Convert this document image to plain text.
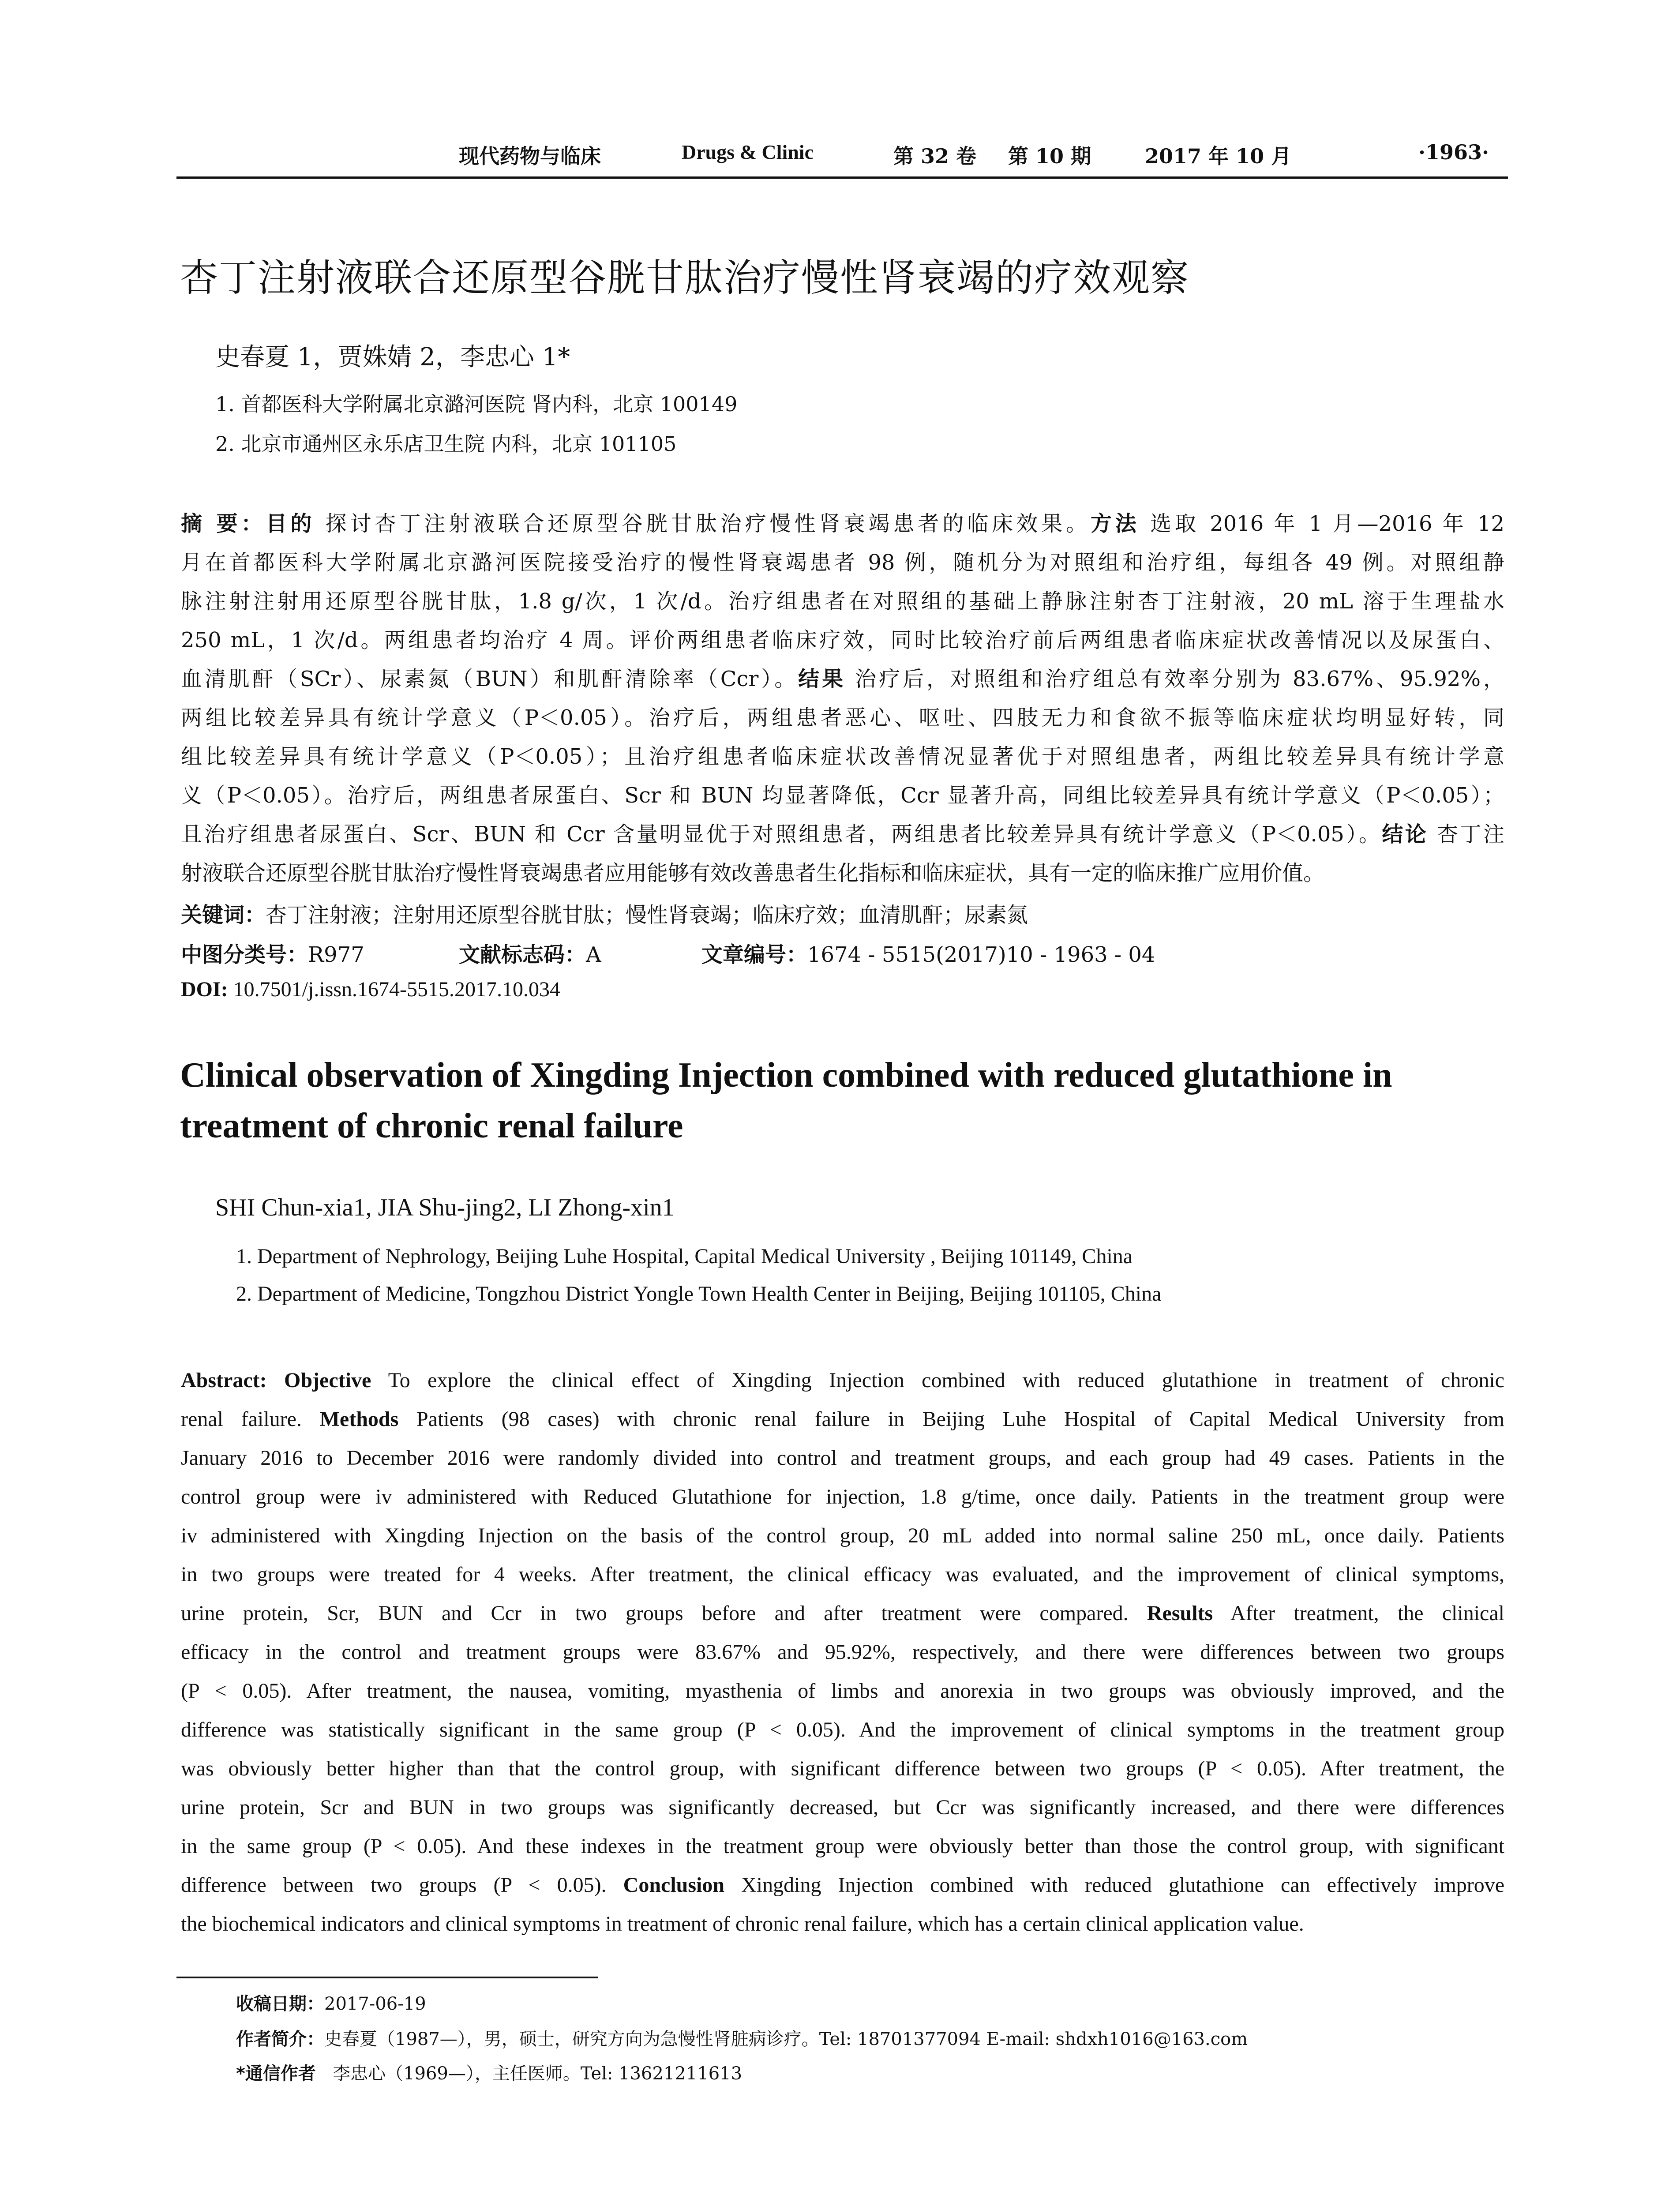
现代药物与临床	Drugs & Clinic	第 32 卷 第 10 期	2017 年 10 月	·1963·
杏丁注射液联合还原型谷胱甘肽治疗慢性肾衰竭的疗效观察
史春夏 1，贾姝婧 2，李忠心 1*
1. 首都医科大学附属北京潞河医院 肾内科，北京 100149
2. 北京市通州区永乐店卫生院 内科，北京 101105
摘 要：目的 探讨杏丁注射液联合还原型谷胱甘肽治疗慢性肾衰竭患者的临床效果。方法 选取 2016 年 1 月—2016 年 12
月在首都医科大学附属北京潞河医院接受治疗的慢性肾衰竭患者 98 例，随机分为对照组和治疗组，每组各 49 例。对照组静
脉注射注射用还原型谷胱甘肽，1.8 g/次，1 次/d。治疗组患者在对照组的基础上静脉注射杏丁注射液，20 mL 溶于生理盐水
250 mL，1 次/d。两组患者均治疗 4 周。评价两组患者临床疗效，同时比较治疗前后两组患者临床症状改善情况以及尿蛋白、
血清肌酐（SCr）、尿素氮（BUN）和肌酐清除率（Ccr）。结果 治疗后，对照组和治疗组总有效率分别为 83.67%、95.92%，
两组比较差异具有统计学意义（P＜0.05）。治疗后，两组患者恶心、呕吐、四肢无力和食欲不振等临床症状均明显好转，同
组比较差异具有统计学意义（P＜0.05）；且治疗组患者临床症状改善情况显著优于对照组患者，两组比较差异具有统计学意
义（P＜0.05）。治疗后，两组患者尿蛋白、Scr 和 BUN 均显著降低，Ccr 显著升高，同组比较差异具有统计学意义（P＜0.05）；
且治疗组患者尿蛋白、Scr、BUN 和 Ccr 含量明显优于对照组患者，两组患者比较差异具有统计学意义（P＜0.05）。结论 杏丁注
射液联合还原型谷胱甘肽治疗慢性肾衰竭患者应用能够有效改善患者生化指标和临床症状，具有一定的临床推广应用价值。
关键词：杏丁注射液；注射用还原型谷胱甘肽；慢性肾衰竭；临床疗效；血清肌酐；尿素氮
中图分类号：R977	文献标志码：A	文章编号：1674 - 5515(2017)10 - 1963 - 04
DOI: 10.7501/j.issn.1674-5515.2017.10.034
Clinical observation of Xingding Injection combined with reduced glutathione in treatment of chronic renal failure
SHI Chun-xia1, JIA Shu-jing2, LI Zhong-xin1
1. Department of Nephrology, Beijing Luhe Hospital, Capital Medical University , Beijing 101149, China
2. Department of Medicine, Tongzhou District Yongle Town Health Center in Beijing, Beijing 101105, China
Abstract: Objective To explore the clinical effect of Xingding Injection combined with reduced glutathione in treatment of chronic
renal failure. Methods Patients (98 cases) with chronic renal failure in Beijing Luhe Hospital of Capital Medical University from
January 2016 to December 2016 were randomly divided into control and treatment groups, and each group had 49 cases. Patients in the
control group were iv administered with Reduced Glutathione for injection, 1.8 g/time, once daily. Patients in the treatment group were
iv administered with Xingding Injection on the basis of the control group, 20 mL added into normal saline 250 mL, once daily. Patients
in two groups were treated for 4 weeks. After treatment, the clinical efficacy was evaluated, and the improvement of clinical symptoms,
urine protein, Scr, BUN and Ccr in two groups before and after treatment were compared. Results After treatment, the clinical
efficacy in the control and treatment groups were 83.67% and 95.92%, respectively, and there were differences between two groups
(P < 0.05). After treatment, the nausea, vomiting, myasthenia of limbs and anorexia in two groups was obviously improved, and the
difference was statistically significant in the same group (P < 0.05). And the improvement of clinical symptoms in the treatment group
was obviously better higher than that the control group, with significant difference between two groups (P < 0.05). After treatment, the
urine protein, Scr and BUN in two groups was significantly decreased, but Ccr was significantly increased, and there were differences
in the same group (P < 0.05). And these indexes in the treatment group were obviously better than those the control group, with significant
difference between two groups (P < 0.05). Conclusion Xingding Injection combined with reduced glutathione can effectively improve
the biochemical indicators and clinical symptoms in treatment of chronic renal failure, which has a certain clinical application value.
收稿日期：2017-06-19
作者简介：史春夏（1987—），男，硕士，研究方向为急慢性肾脏病诊疗。Tel: 18701377094 E-mail: shdxh1016@163.com
*通信作者 李忠心（1969—），主任医师。Tel: 13621211613
